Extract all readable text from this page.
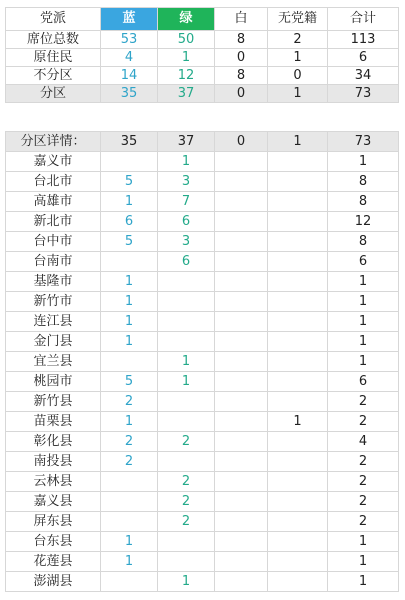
党派	蓝	绿	白	无党籍	合计
席位总数	53	50	8	2	113
原住民	4	1	0	1	6
不分区	14	12	8	0	34
分区	35	37	0	1	73
分区详情：	35	37	0	1	73
嘉义市		1			1
台北市	5	3			8
高雄市	1	7			8
新北市	6	6			12
台中市	5	3			8
台南市		6			6
基隆市	1				1
新竹市	1				1
连江县	1				1
金门县	1				1
宜兰县		1			1
桃园市	5	1			6
新竹县	2				2
苗栗县	1			1	2
彰化县	2	2			4
南投县	2				2
云林县		2			2
嘉义县		2			2
屏东县		2			2
台东县	1				1
花莲县	1				1
澎湖县		1			1
